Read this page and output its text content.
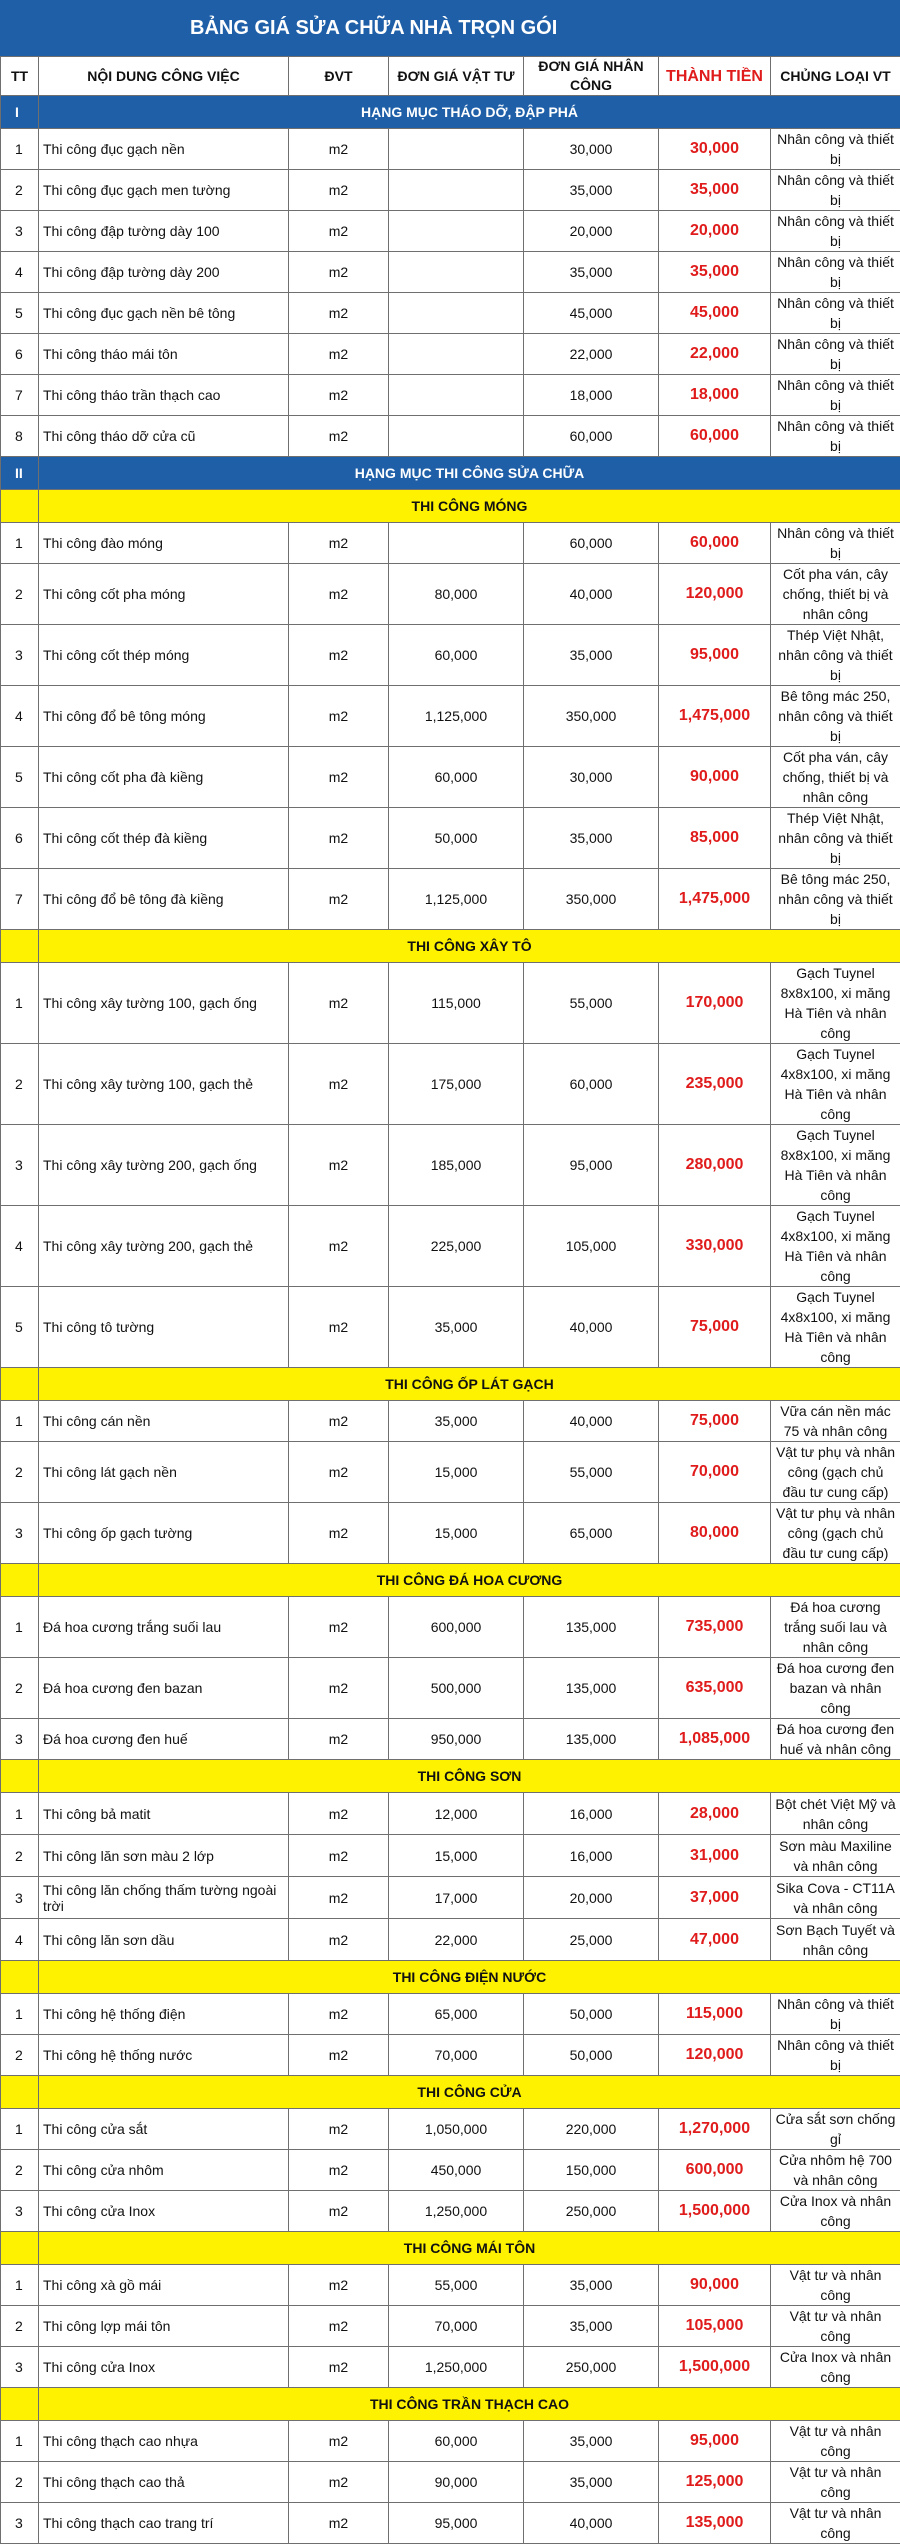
BẢNG GIÁ SỬA CHỮA NHÀ TRỌN GÓI
TT	NỘI DUNG CÔNG VIỆC	ĐVT	ĐƠN GIÁ VẬT TƯ	ĐƠN GIÁ NHÂN CÔNG	THÀNH TIỀN	CHỦNG LOẠI VT
I	HẠNG MỤC THÁO DỠ, ĐẬP PHÁ					
1	Thi công đục gạch nền	m2		30,000	30,000	Nhân công và thiết bị
2	Thi công đục gạch men tường	m2		35,000	35,000	Nhân công và thiết bị
3	Thi công đập tường dày 100	m2		20,000	20,000	Nhân công và thiết bị
4	Thi công đập tường dày 200	m2		35,000	35,000	Nhân công và thiết bị
5	Thi công đục gạch nền bê tông	m2		45,000	45,000	Nhân công và thiết bị
6	Thi công tháo mái tôn	m2		22,000	22,000	Nhân công và thiết bị
7	Thi công tháo trần thạch cao	m2		18,000	18,000	Nhân công và thiết bị
8	Thi công tháo dỡ cửa cũ	m2		60,000	60,000	Nhân công và thiết bị
II	HẠNG MỤC THI CÔNG SỬA CHỮA					
	THI CÔNG MÓNG					
1	Thi công đào móng	m2		60,000	60,000	Nhân công và thiết bị
2	Thi công cốt pha móng	m2	80,000	40,000	120,000	Cốt pha ván, cây chống, thiết bị và nhân công
3	Thi công cốt thép móng	m2	60,000	35,000	95,000	Thép Việt Nhật, nhân công và thiết bị
4	Thi công đổ bê tông móng	m2	1,125,000	350,000	1,475,000	Bê tông mác 250, nhân công và thiết bị
5	Thi công cốt pha đà kiềng	m2	60,000	30,000	90,000	Cốt pha ván, cây chống, thiết bị và nhân công
6	Thi công cốt thép đà kiềng	m2	50,000	35,000	85,000	Thép Việt Nhật, nhân công và thiết bị
7	Thi công đổ bê tông đà kiềng	m2	1,125,000	350,000	1,475,000	Bê tông mác 250, nhân công và thiết bị
	THI CÔNG XÂY TÔ					
1	Thi công xây tường 100, gạch ống	m2	115,000	55,000	170,000	Gạch Tuynel 8x8x100, xi măng Hà Tiên và nhân công
2	Thi công xây tường 100, gạch thẻ	m2	175,000	60,000	235,000	Gạch Tuynel 4x8x100, xi măng Hà Tiên và nhân công
3	Thi công xây tường 200, gạch ống	m2	185,000	95,000	280,000	Gạch Tuynel 8x8x100, xi măng Hà Tiên và nhân công
4	Thi công xây tường 200, gạch thẻ	m2	225,000	105,000	330,000	Gạch Tuynel 4x8x100, xi măng Hà Tiên và nhân công
5	Thi công tô tường	m2	35,000	40,000	75,000	Gạch Tuynel 4x8x100, xi măng Hà Tiên và nhân công
	THI CÔNG ỐP LÁT GẠCH					
1	Thi công cán nền	m2	35,000	40,000	75,000	Vữa cán nền mác 75 và nhân công
2	Thi công lát gạch nền	m2	15,000	55,000	70,000	Vật tư phụ và nhân công (gạch chủ đầu tư cung cấp)
3	Thi công ốp gạch tường	m2	15,000	65,000	80,000	Vật tư phụ và nhân công (gạch chủ đầu tư cung cấp)
	THI CÔNG ĐÁ HOA CƯƠNG					
1	Đá hoa cương trắng suối lau	m2	600,000	135,000	735,000	Đá hoa cương trắng suối lau và nhân công
2	Đá hoa cương đen bazan	m2	500,000	135,000	635,000	Đá hoa cương đen bazan và nhân công
3	Đá hoa cương đen huế	m2	950,000	135,000	1,085,000	Đá hoa cương đen huế và nhân công
	THI CÔNG SƠN					
1	Thi công bả matit	m2	12,000	16,000	28,000	Bột chét Việt Mỹ và nhân công
2	Thi công lăn sơn màu 2 lớp	m2	15,000	16,000	31,000	Sơn màu Maxiline và nhân công
3	Thi công lăn chống thấm tường ngoài trời	m2	17,000	20,000	37,000	Sika Cova - CT11A và nhân công
4	Thi công lăn sơn dầu	m2	22,000	25,000	47,000	Sơn Bạch Tuyết và nhân công
	THI CÔNG ĐIỆN NƯỚC					
1	Thi công hệ thống điện	m2	65,000	50,000	115,000	Nhân công và thiết bị
2	Thi công hệ thống nước	m2	70,000	50,000	120,000	Nhân công và thiết bị
	THI CÔNG CỬA					
1	Thi công cửa sắt	m2	1,050,000	220,000	1,270,000	Cửa sắt sơn chống gỉ
2	Thi công cửa nhôm	m2	450,000	150,000	600,000	Cửa nhôm hệ 700 và nhân công
3	Thi công cửa Inox	m2	1,250,000	250,000	1,500,000	Cửa Inox và nhân công
	THI CÔNG MÁI TÔN					
1	Thi công xà gồ mái	m2	55,000	35,000	90,000	Vật tư và nhân công
2	Thi công lợp mái tôn	m2	70,000	35,000	105,000	Vật tư và nhân công
3	Thi công cửa Inox	m2	1,250,000	250,000	1,500,000	Cửa Inox và nhân công
	THI CÔNG TRẦN THẠCH CAO					
1	Thi công thạch cao nhựa	m2	60,000	35,000	95,000	Vật tư và nhân công
2	Thi công thạch cao thả	m2	90,000	35,000	125,000	Vật tư và nhân công
3	Thi công thạch cao trang trí	m2	95,000	40,000	135,000	Vật tư và nhân công
